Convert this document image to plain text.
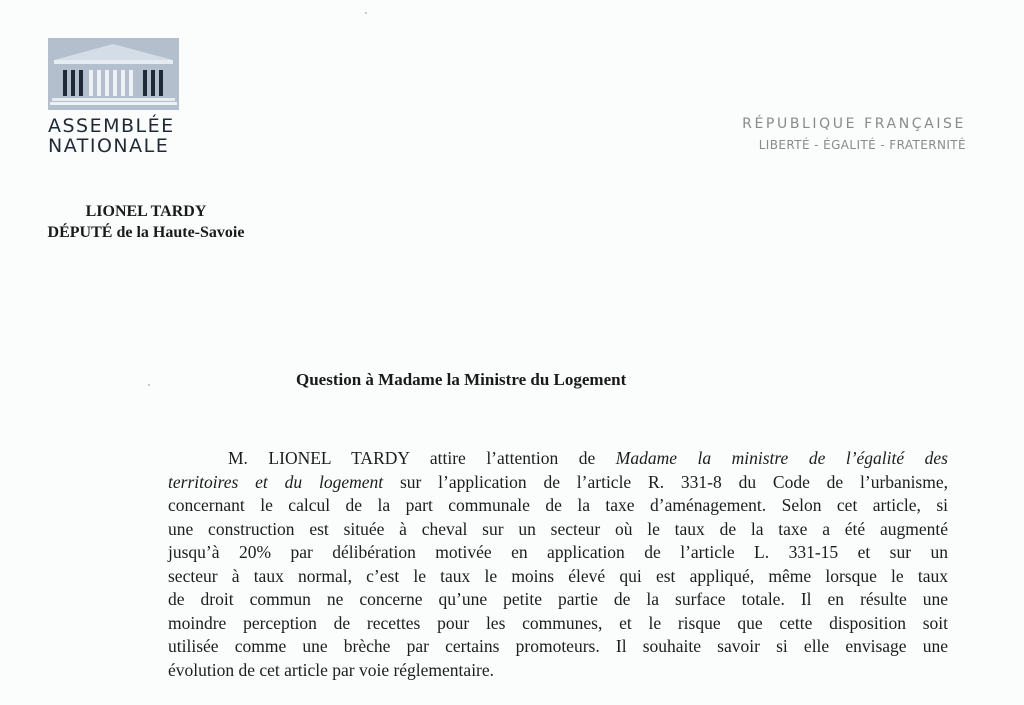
ASSEMBLÉE
NATIONALE
RÉPUBLIQUE FRANÇAISE
LIBERTÉ - ÉGALITÉ - FRATERNITÉ
LIONEL TARDY
DÉPUTÉ de la Haute-Savoie
Question à Madame la Ministre du Logement
M. LIONEL TARDY attire l’attention de Madame la ministre de l’égalité des
territoires et du logement sur l’application de l’article R. 331-8 du Code de l’urbanisme,
concernant le calcul de la part communale de la taxe d’aménagement. Selon cet article, si
une construction est située à cheval sur un secteur où le taux de la taxe a été augmenté
jusqu’à 20% par délibération motivée en application de l’article L. 331-15 et sur un
secteur à taux normal, c’est le taux le moins élevé qui est appliqué, même lorsque le taux
de droit commun ne concerne qu’une petite partie de la surface totale. Il en résulte une
moindre perception de recettes pour les communes, et le risque que cette disposition soit
utilisée comme une brèche par certains promoteurs. Il souhaite savoir si elle envisage une
évolution de cet article par voie réglementaire.
